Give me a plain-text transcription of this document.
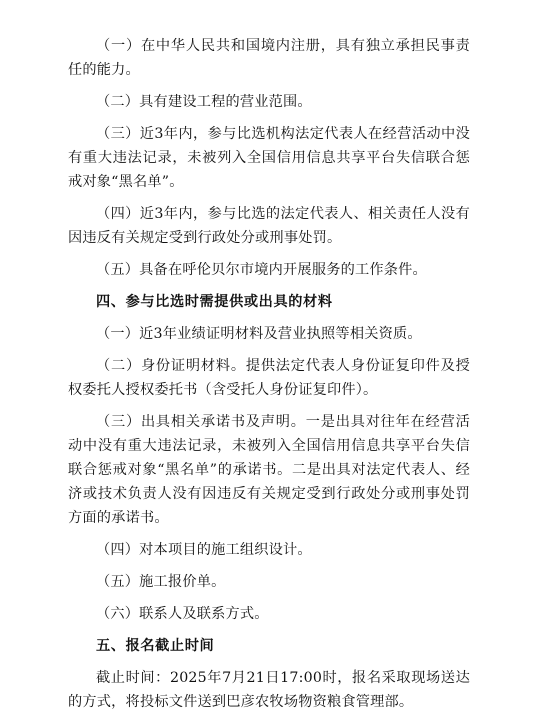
（一）在中华人民共和国境内注册，具有独立承担民事责任的能力。

（二）具有建设工程的营业范围。

（三）近3年内，参与比选机构法定代表人在经营活动中没有重大违法记录，未被列入全国信用信息共享平台失信联合惩戒对象“黑名单”。

（四）近3年内，参与比选的法定代表人、相关责任人没有因违反有关规定受到行政处分或刑事处罚。

（五）具备在呼伦贝尔市境内开展服务的工作条件。

四、参与比选时需提供或出具的材料

（一）近3年业绩证明材料及营业执照等相关资质。

（二）身份证明材料。提供法定代表人身份证复印件及授权委托人授权委托书（含受托人身份证复印件）。

（三）出具相关承诺书及声明。一是出具对往年在经营活动中没有重大违法记录，未被列入全国信用信息共享平台失信联合惩戒对象“黑名单”的承诺书。二是出具对法定代表人、经济或技术负责人没有因违反有关规定受到行政处分或刑事处罚方面的承诺书。

（四）对本项目的施工组织设计。

（五）施工报价单。

（六）联系人及联系方式。

五、报名截止时间

截止时间：2025年7月21日17:00时，报名采取现场送达的方式，将投标文件送到巴彦农牧场物资粮食管理部。
